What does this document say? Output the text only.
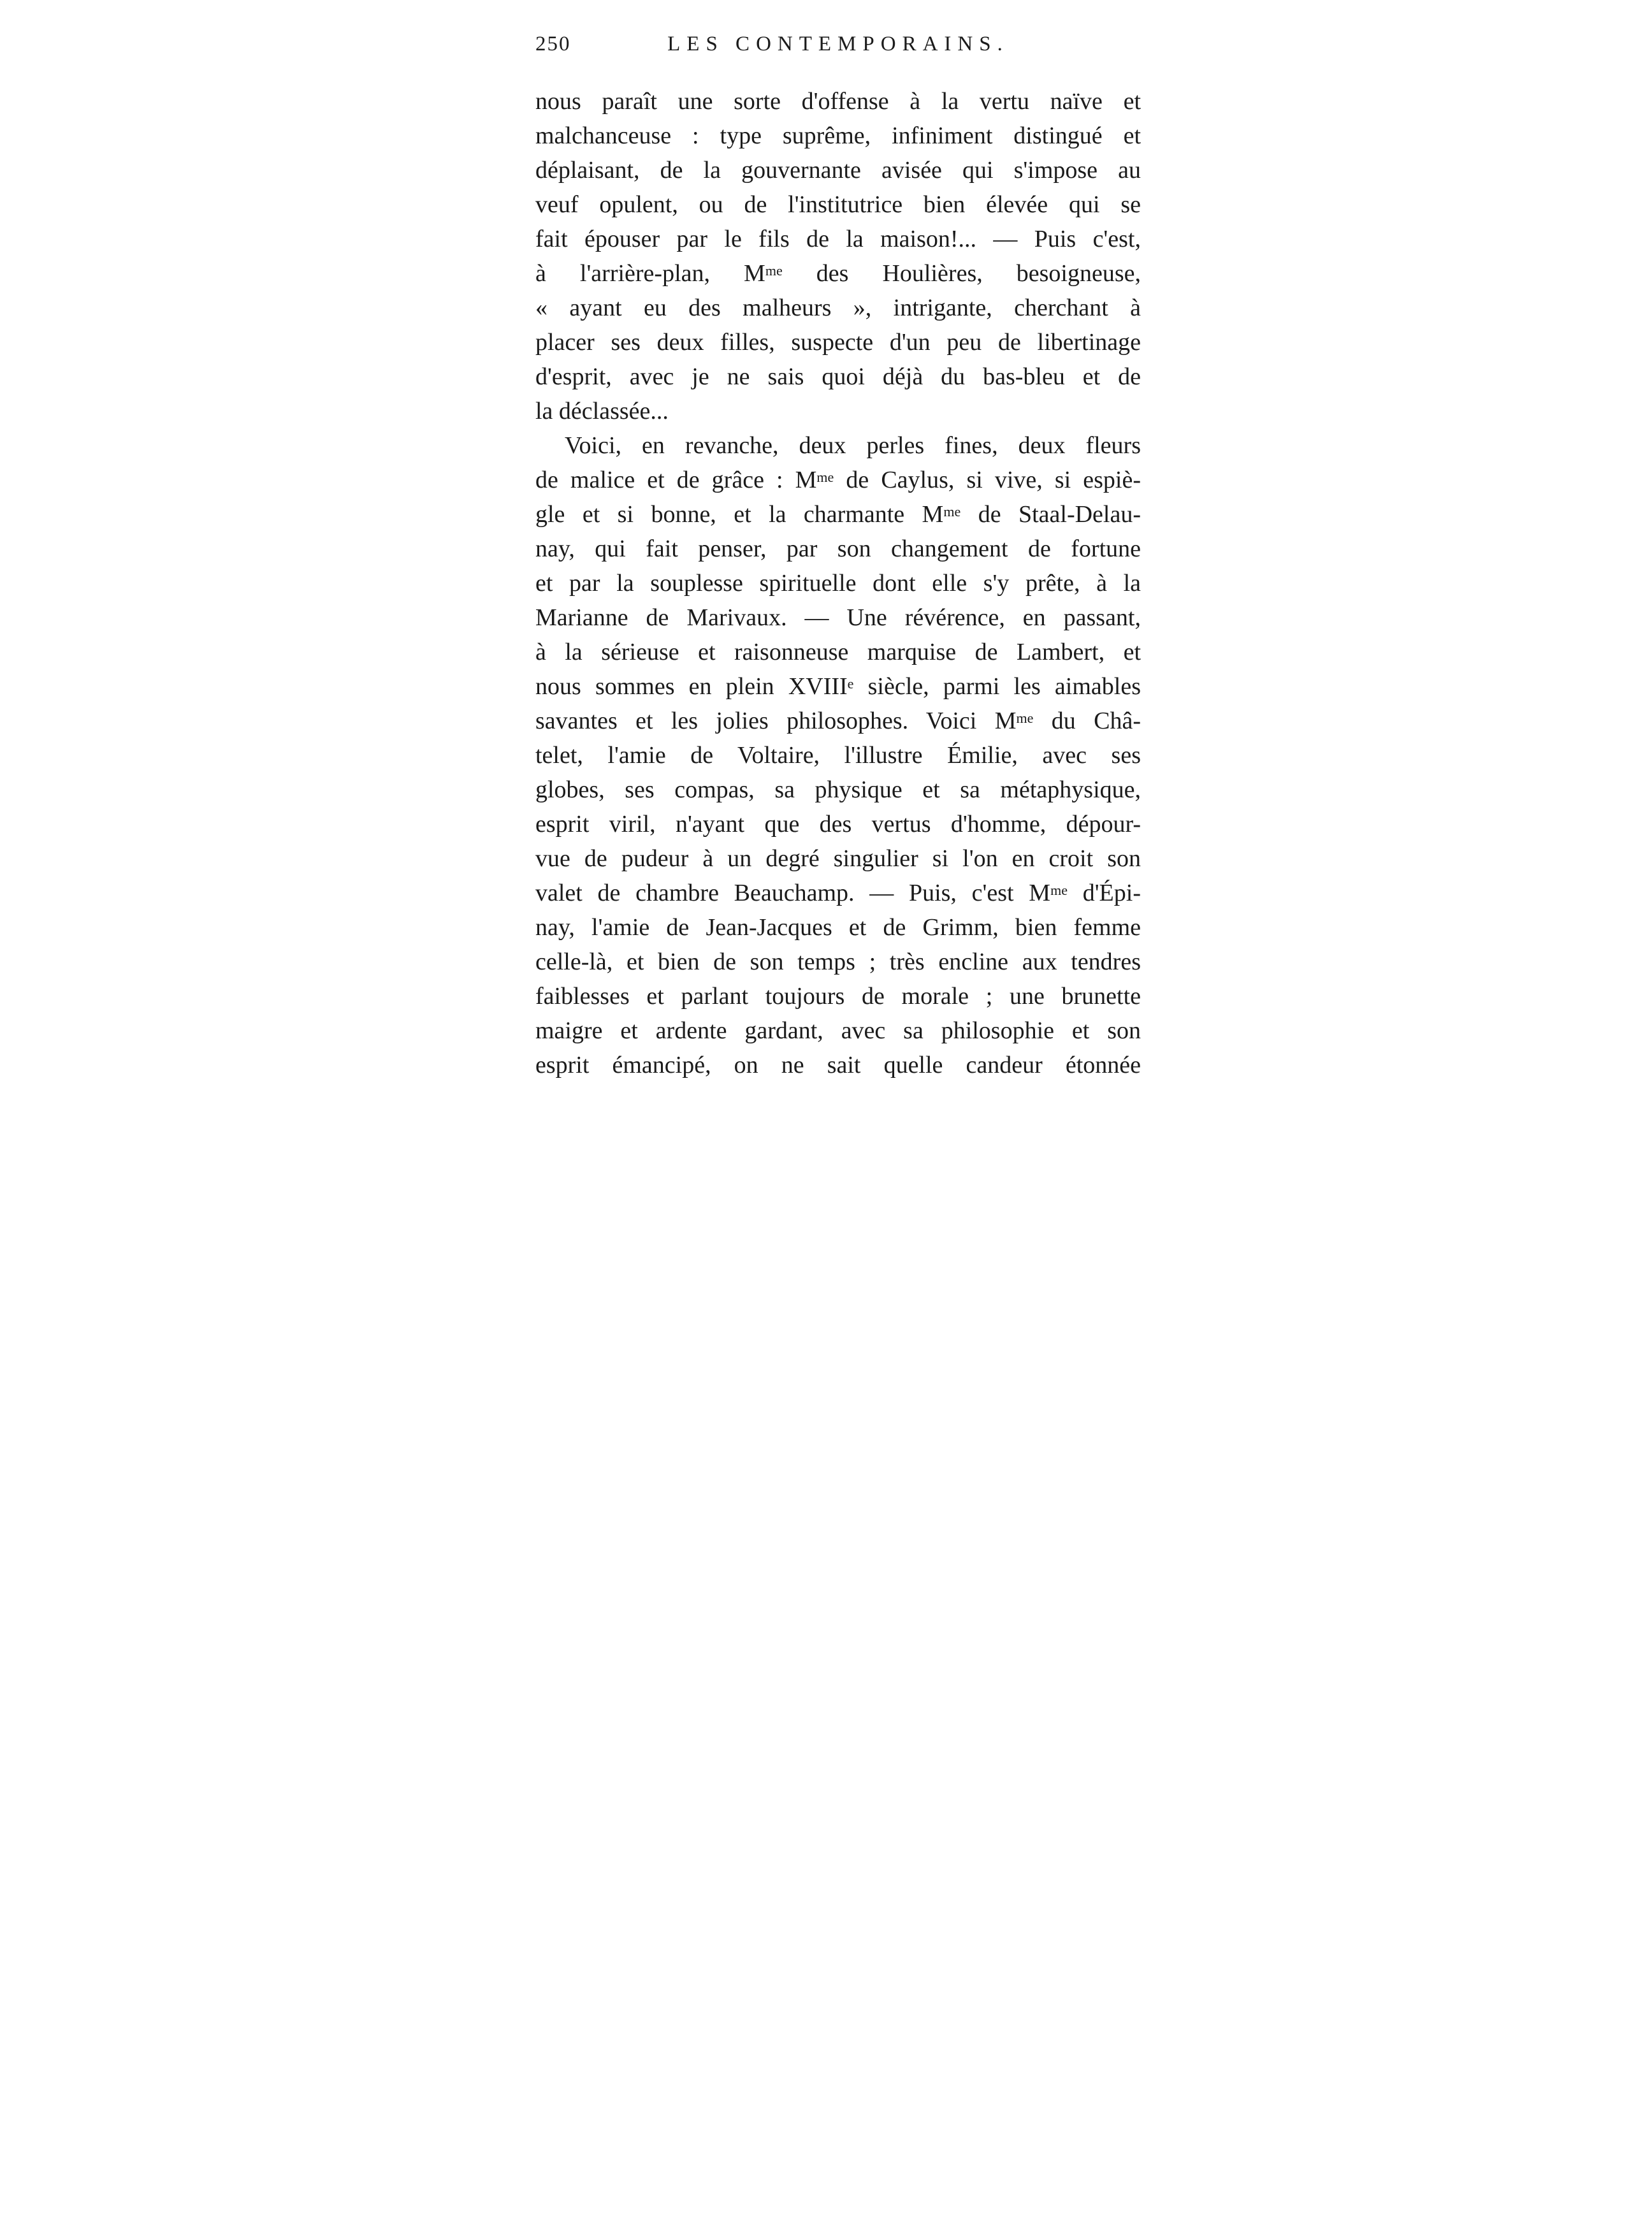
250	LES CONTEMPORAINS.
nous paraît une sorte d'offense à la vertu naïve et
malchanceuse : type suprême, infiniment distingué et
déplaisant, de la gouvernante avisée qui s'impose au
veuf opulent, ou de l'institutrice bien élevée qui se
fait épouser par le fils de la maison!... — Puis c'est,
à l'arrière-plan, $M^{me}$ des Houlières, besoigneuse,
« ayant eu des malheurs », intrigante, cherchant à
placer ses deux filles, suspecte d'un peu de libertinage
d'esprit, avec je ne sais quoi déjà du bas-bleu et de
la déclassée...
Voici, en revanche, deux perles fines, deux fleurs
de malice et de grâce : $M^{me}$ de Caylus, si vive, si espiè-
gle et si bonne, et la charmante $M^{me}$ de Staal-Delau-
nay, qui fait penser, par son changement de fortune
et par la souplesse spirituelle dont elle s'y prête, à la
Marianne de Marivaux. — Une révérence, en passant,
à la sérieuse et raisonneuse marquise de Lambert, et
nous sommes en plein XVIIIe siècle, parmi les aimables
savantes et les jolies philosophes. Voici $M^{me}$ du Châ-
telet, l'amie de Voltaire, l'illustre Émilie, avec ses
globes, ses compas, sa physique et sa métaphysique,
esprit viril, n'ayant que des vertus d'homme, dépour-
vue de pudeur à un degré singulier si l'on en croit son
valet de chambre Beauchamp. — Puis, c'est $M^{me}$ d'Épi-
nay, l'amie de Jean-Jacques et de Grimm, bien femme
celle-là, et bien de son temps ; très encline aux tendres
faiblesses et parlant toujours de morale ; une brunette
maigre et ardente gardant, avec sa philosophie et son
esprit émancipé, on ne sait quelle candeur étonnée
